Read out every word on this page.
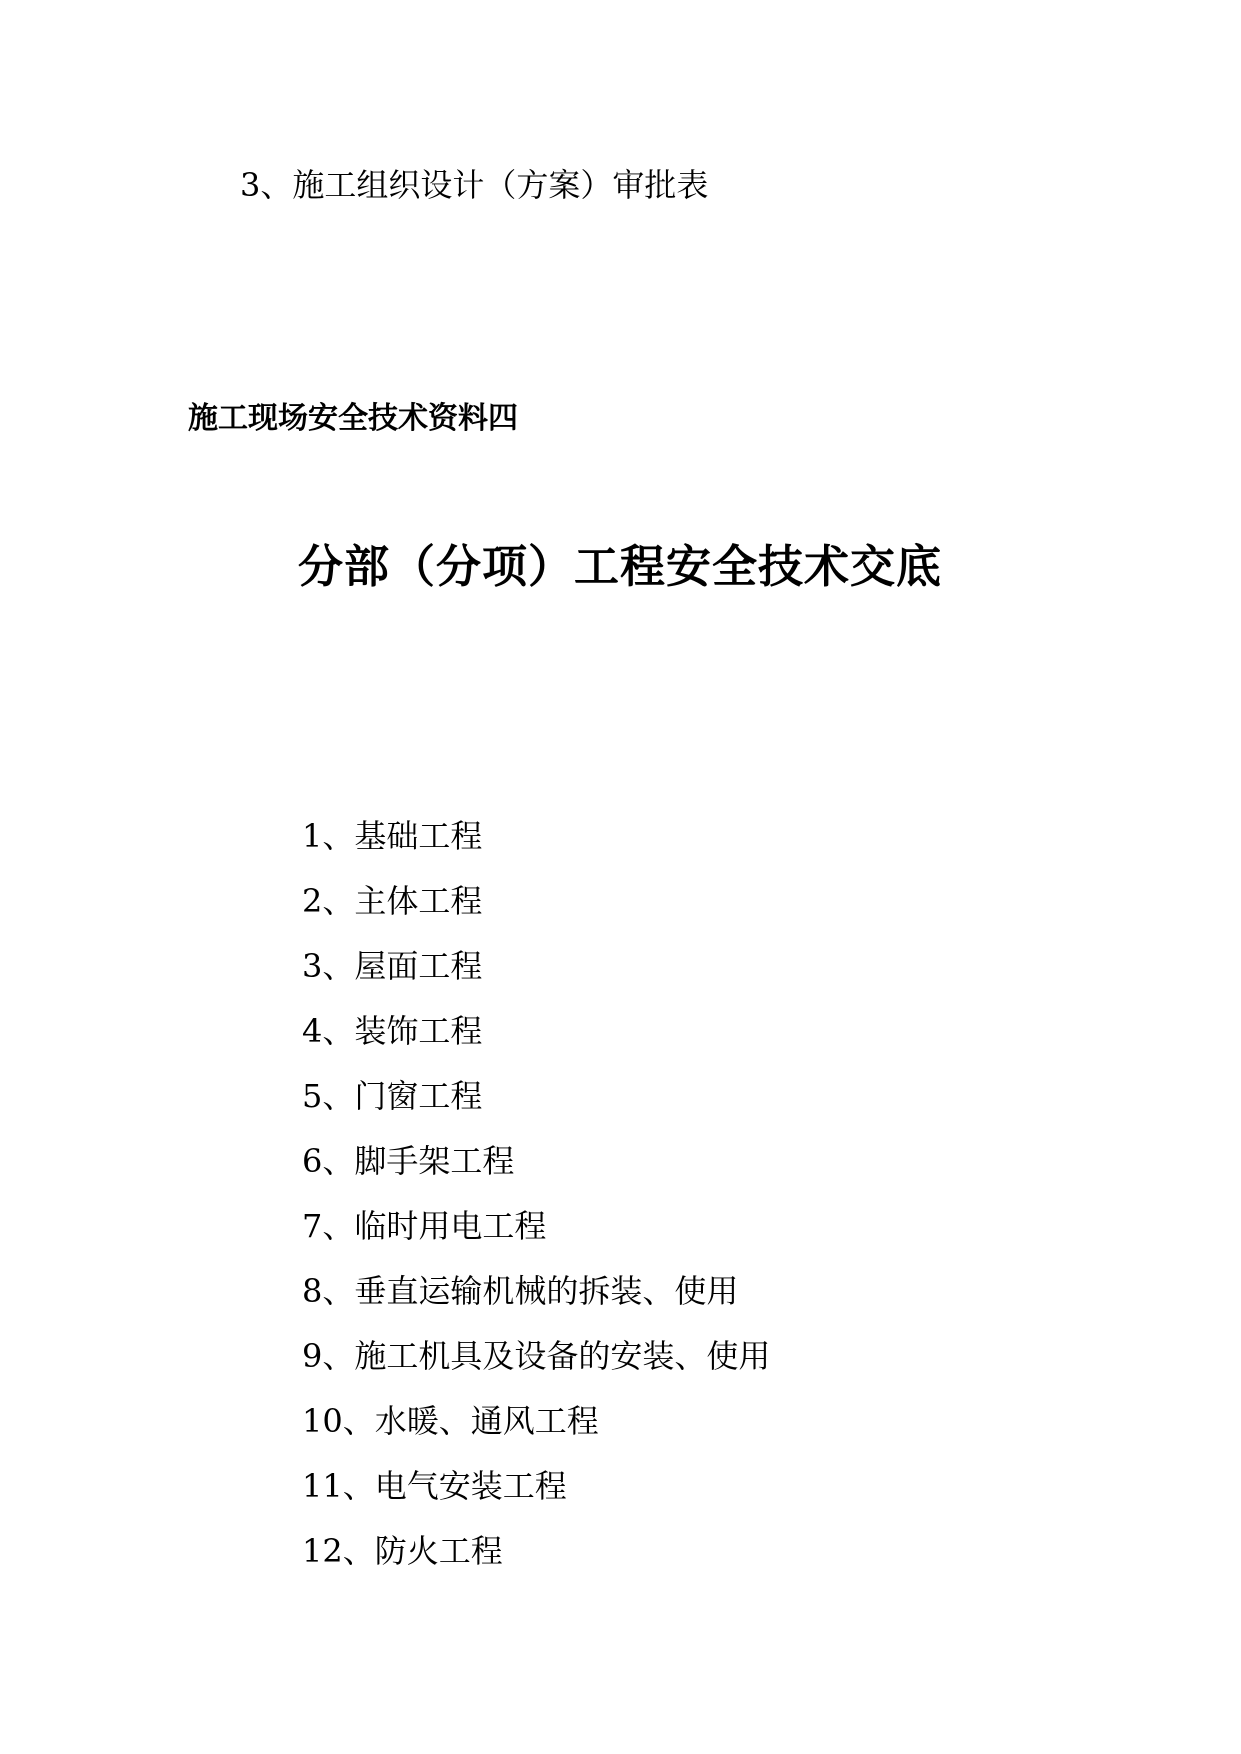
3、施工组织设计（方案）审批表
施工现场安全技术资料四
分部（分项）工程安全技术交底
1、基础工程
2、主体工程
3、屋面工程
4、装饰工程
5、门窗工程
6、脚手架工程
7、临时用电工程
8、垂直运输机械的拆装、使用
9、施工机具及设备的安装、使用
10、水暖、通风工程
11、电气安装工程
12、防火工程
